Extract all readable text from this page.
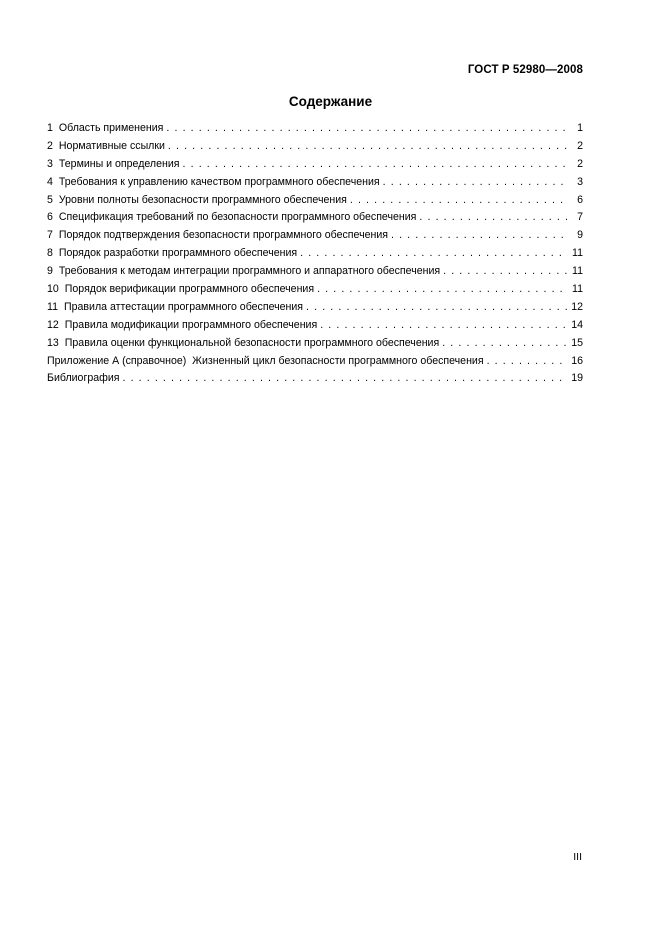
ГОСТ Р 52980—2008
Содержание
1 Область применения . . .	1
2 Нормативные ссылки . . .	2
3 Термины и определения . . .	2
4 Требования к управлению качеством программного обеспечения . . .	3
5 Уровни полноты безопасности программного обеспечения . . .	6
6 Спецификация требований по безопасности программного обеспечения . . .	7
7 Порядок подтверждения безопасности программного обеспечения . . .	9
8 Порядок разработки программного обеспечения . . .	11
9 Требования к методам интеграции программного и аппаратного обеспечения . . .	11
10 Порядок верификации программного обеспечения . . .	11
11 Правила аттестации программного обеспечения . . .	12
12 Правила модификации программного обеспечения . . .	14
13 Правила оценки функциональной безопасности программного обеспечения . . .	15
Приложение А (справочное)  Жизненный цикл безопасности программного обеспечения . . .	16
Библиография . . .	19
III
